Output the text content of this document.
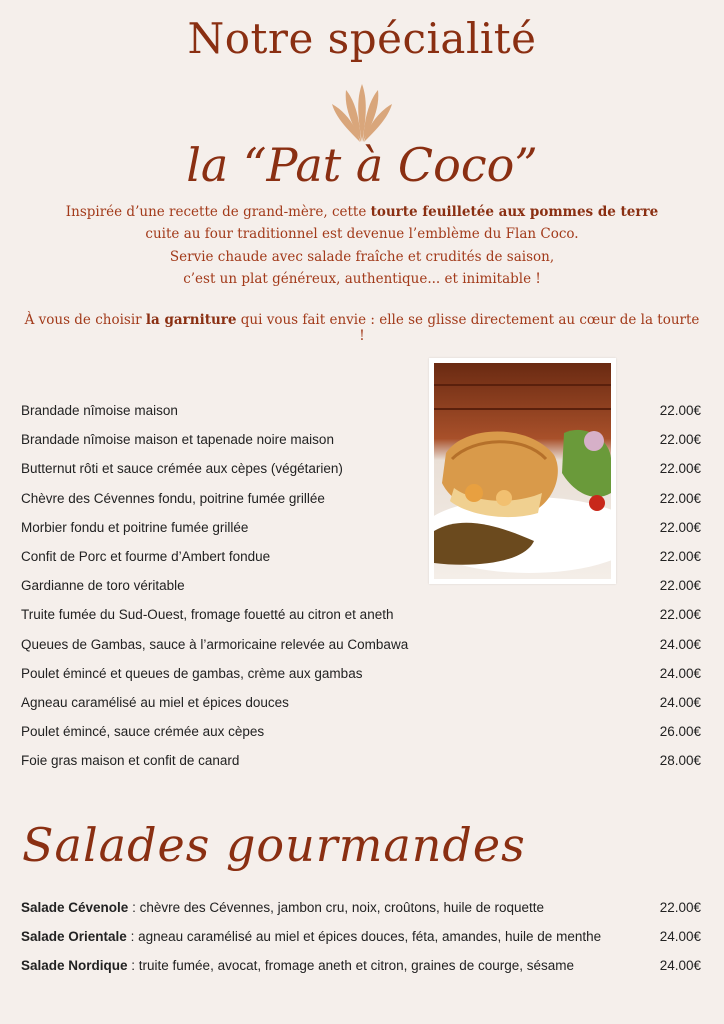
Notre spécialité
la “Pat à Coco”
Inspirée d’une recette de grand-mère, cette tourte feuilletée aux pommes de terre
cuite au four traditionnel est devenue l’emblème du Flan Coco.
Servie chaude avec salade fraîche et crudités de saison,
c’est un plat généreux, authentique... et inimitable !
À vous de choisir la garniture qui vous fait envie : elle se glisse directement au cœur de la tourte !
Brandade nîmoise maison	22.00€
Brandade nîmoise maison et tapenade noire maison	22.00€
Butternut rôti et sauce crémée aux cèpes (végétarien)	22.00€
Chèvre des Cévennes fondu, poitrine fumée grillée	22.00€
Morbier fondu et poitrine fumée grillée	22.00€
Confit de Porc et fourme d’Ambert fondue	22.00€
Gardianne de toro véritable	22.00€
Truite fumée du Sud-Ouest, fromage fouetté au citron et aneth	22.00€
Queues de Gambas, sauce à l’armoricaine relevée au Combawa	24.00€
Poulet émincé et queues de gambas, crème aux gambas	24.00€
Agneau caramélisé au miel et épices douces	24.00€
Poulet émincé, sauce crémée aux cèpes	26.00€
Foie gras maison et confit de canard	28.00€
Salades gourmandes
Salade Cévenole : chèvre des Cévennes, jambon cru, noix, croûtons, huile de roquette	22.00€
Salade Orientale : agneau caramélisé au miel et épices douces, féta, amandes, huile de menthe	24.00€
Salade Nordique : truite fumée, avocat, fromage aneth et citron, graines de courge, sésame	24.00€
